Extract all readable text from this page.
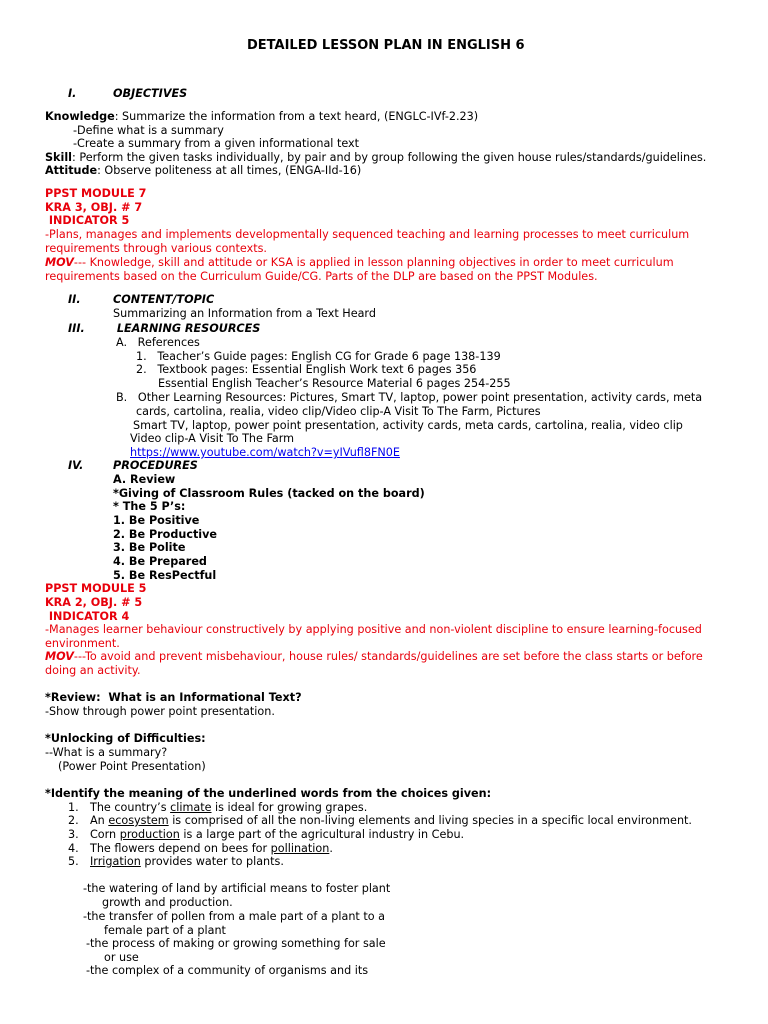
DETAILED LESSON PLAN IN ENGLISH 6
I.	OBJECTIVES
Knowledge: Summarize the information from a text heard, (ENGLC-IVf-2.23)
-Define what is a summary
-Create a summary from a given informational text
Skill: Perform the given tasks individually, by pair and by group following the given house rules/standards/guidelines.
Attitude: Observe politeness at all times, (ENGA-IId-16)
PPST MODULE 7
KRA 3, OBJ. # 7
INDICATOR 5
-Plans, manages and implements developmentally sequenced teaching and learning processes to meet curriculum
requirements through various contexts.
MOV--- Knowledge, skill and attitude or KSA is applied in lesson planning objectives in order to meet curriculum
requirements based on the Curriculum Guide/CG. Parts of the DLP are based on the PPST Modules.
II.	CONTENT/TOPIC
Summarizing an Information from a Text Heard
III.	LEARNING RESOURCES
A.   References
1.   Teacher’s Guide pages: English CG for Grade 6 page 138-139
2.   Textbook pages: Essential English Work text 6 pages 356
Essential English Teacher’s Resource Material 6 pages 254-255
B.   Other Learning Resources: Pictures, Smart TV, laptop, power point presentation, activity cards, meta
cards, cartolina, realia, video clip/Video clip-A Visit To The Farm, Pictures
Smart TV, laptop, power point presentation, activity cards, meta cards, cartolina, realia, video clip
Video clip-A Visit To The Farm
https://www.youtube.com/watch?v=yIVufl8FN0E
IV.	PROCEDURES
A. Review
*Giving of Classroom Rules (tacked on the board)
* The 5 P’s:
1. Be Positive
2. Be Productive
3. Be Polite
4. Be Prepared
5. Be ResPectful
PPST MODULE 5
KRA 2, OBJ. # 5
INDICATOR 4
-Manages learner behaviour constructively by applying positive and non-violent discipline to ensure learning-focused
environment.
MOV---To avoid and prevent misbehaviour, house rules/ standards/guidelines are set before the class starts or before
doing an activity.
*Review:  What is an Informational Text?
-Show through power point presentation.
*Unlocking of Difficulties:
--What is a summary?
(Power Point Presentation)
*Identify the meaning of the underlined words from the choices given:
1. The country’s climate is ideal for growing grapes.
2. An ecosystem is comprised of all the non-living elements and living species in a specific local environment.
3. Corn production is a large part of the agricultural industry in Cebu.
4. The flowers depend on bees for pollination.
5. Irrigation provides water to plants.
-the watering of land by artificial means to foster plant
growth and production.
-the transfer of pollen from a male part of a plant to a
female part of a plant
-the process of making or growing something for sale
or use
-the complex of a community of organisms and its
